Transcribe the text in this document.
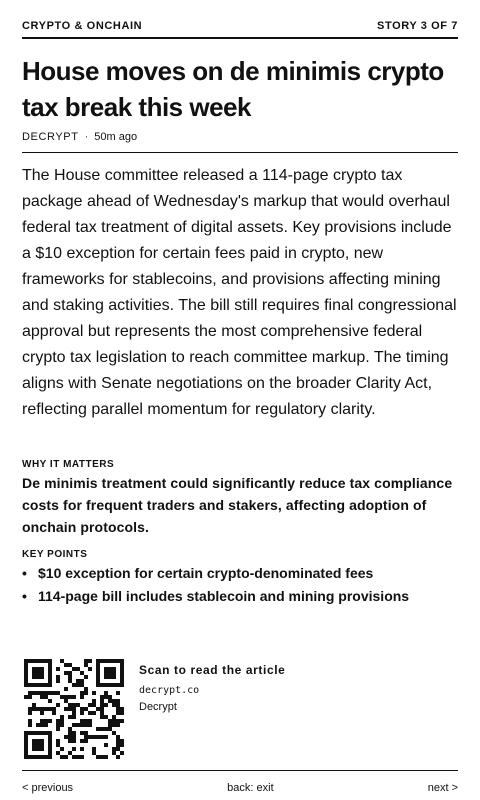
CRYPTO & ONCHAIN	STORY 3 OF 7
House moves on de minimis crypto tax break this week
DECRYPT · 50m ago

The House committee released a 114-page crypto tax package ahead of Wednesday's markup that would overhaul federal tax treatment of digital assets. Key provisions include a $10 exception for certain fees paid in crypto, new frameworks for stablecoins, and provisions affecting mining and staking activities. The bill still requires final congressional approval but represents the most comprehensive federal crypto tax legislation to reach committee markup. The timing aligns with Senate negotiations on the broader Clarity Act, reflecting parallel momentum for regulatory clarity.

WHY IT MATTERS

De minimis treatment could significantly reduce tax compliance costs for frequent traders and stakers, affecting adoption of onchain protocols.

KEY POINTS
• $10 exception for certain crypto-denominated fees
• 114-page bill includes stablecoin and mining provisions
Scan to read the article
decrypt.co
Decrypt
< previous	back: exit	next >
